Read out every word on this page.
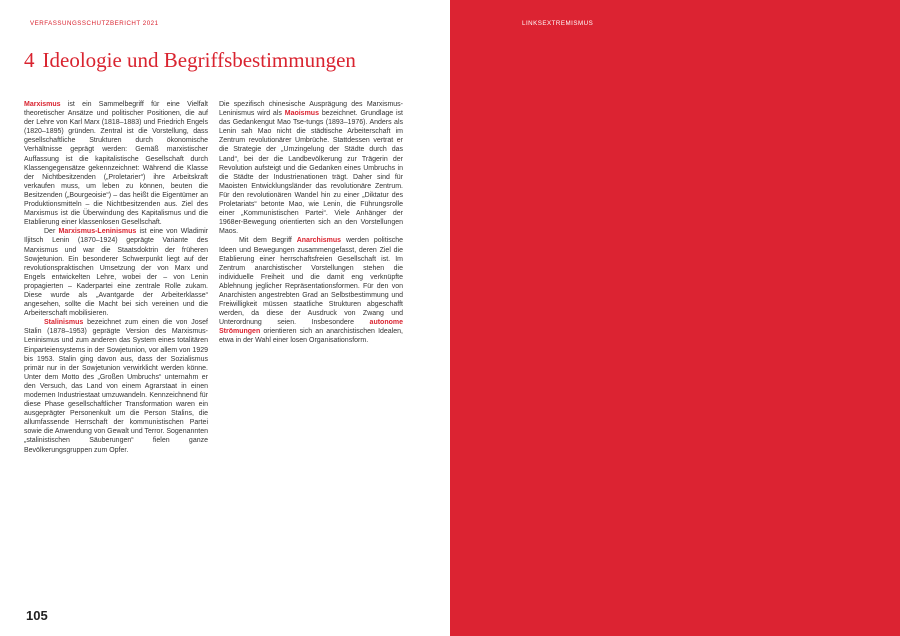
VERFASSUNGSSCHUTZBERICHT 2021
4 Ideologie und Begriffsbestimmungen

Marxismus ist ein Sammelbegriff für eine Vielfalt theoretischer Ansätze und politischer Positionen, die auf der Lehre von Karl Marx (1818–1883) und Friedrich Engels (1820–1895) gründen. Zentral ist die Vorstellung, dass gesellschaftliche Strukturen durch ökonomische Verhältnisse geprägt werden: Gemäß marxistischer Auffassung ist die kapitalistische Gesellschaft durch Klassengegensätze gekennzeichnet: Während die Klasse der Nichtbesitzenden („Proletarier“) ihre Arbeitskraft verkaufen muss, um leben zu können, beuten die Besitzenden („Bourgeoisie“) – das heißt die Eigentümer an Produktionsmitteln – die Nichtbesitzenden aus. Ziel des Marxismus ist die Überwindung des Kapitalismus und die Etablierung einer klassenlosen Gesellschaft.

Der Marxismus-Leninismus ist eine von Wladimir Iljitsch Lenin (1870–1924) geprägte Variante des Marxismus und war die Staatsdoktrin der früheren Sowjetunion. Ein besonderer Schwerpunkt liegt auf der revolutionspraktischen Umsetzung der von Marx und Engels entwickelten Lehre, wobei der – von Lenin propagierten – Kaderpartei eine zentrale Rolle zukam. Diese wurde als „Avantgarde der Arbeiterklasse“ angesehen, sollte die Macht bei sich vereinen und die Arbeiterschaft mobilisieren.

Stalinismus bezeichnet zum einen die von Josef Stalin (1878–1953) geprägte Version des Marxismus-Leninismus und zum anderen das System eines totalitären Einparteiensystems in der Sowjetunion, vor allem von 1929 bis 1953. Stalin ging davon aus, dass der Sozialismus primär nur in der Sowjetunion verwirklicht werden könne. Unter dem Motto des „Großen Umbruchs“ unternahm er den Versuch, das Land von einem Agrarstaat in einen modernen Industriestaat umzuwandeln. Kennzeichnend für diese Phase gesellschaftlicher Transformation waren ein ausgeprägter Personenkult um die Person Stalins, die allumfassende Herrschaft der kommunistischen Partei sowie die Anwendung von Gewalt und Terror. Sogenannten „stalinistischen Säuberungen“ fielen ganze Bevölkerungsgruppen zum Opfer.

Die spezifisch chinesische Ausprägung des Marxismus-Leninismus wird als Maoismus bezeichnet. Grundlage ist das Gedankengut Mao Tse-tungs (1893–1976). Anders als Lenin sah Mao nicht die städtische Arbeiterschaft im Zentrum revolutionärer Umbrüche. Stattdessen vertrat er die Strategie der „Umzingelung der Städte durch das Land“, bei der die Landbevölkerung zur Trägerin der Revolution aufsteigt und die Gedanken eines Umbruchs in die Städte der Industrienationen trägt. Daher sind für Maoisten Entwicklungsländer das revolutionäre Zentrum. Für den revolutionären Wandel hin zu einer „Diktatur des Proletariats“ betonte Mao, wie Lenin, die Führungsrolle einer „Kommunistischen Partei“. Viele Anhänger der 1968er-Bewegung orientierten sich an den Vorstellungen Maos.

Mit dem Begriff Anarchismus werden politische Ideen und Bewegungen zusammengefasst, deren Ziel die Etablierung einer herrschaftsfreien Gesellschaft ist. Im Zentrum anarchistischer Vorstellungen stehen die individuelle Freiheit und die damit eng verknüpfte Ablehnung jeglicher Repräsentationsformen. Für den von Anarchisten angestrebten Grad an Selbstbestimmung und Freiwilligkeit müssen staatliche Strukturen abgeschafft werden, da diese der Ausdruck von Zwang und Unterordnung seien. Insbesondere autonome Strömungen orientieren sich an anarchistischen Idealen, etwa in der Wahl einer losen Organisationsform.

105
LINKSEXTREMISMUS
